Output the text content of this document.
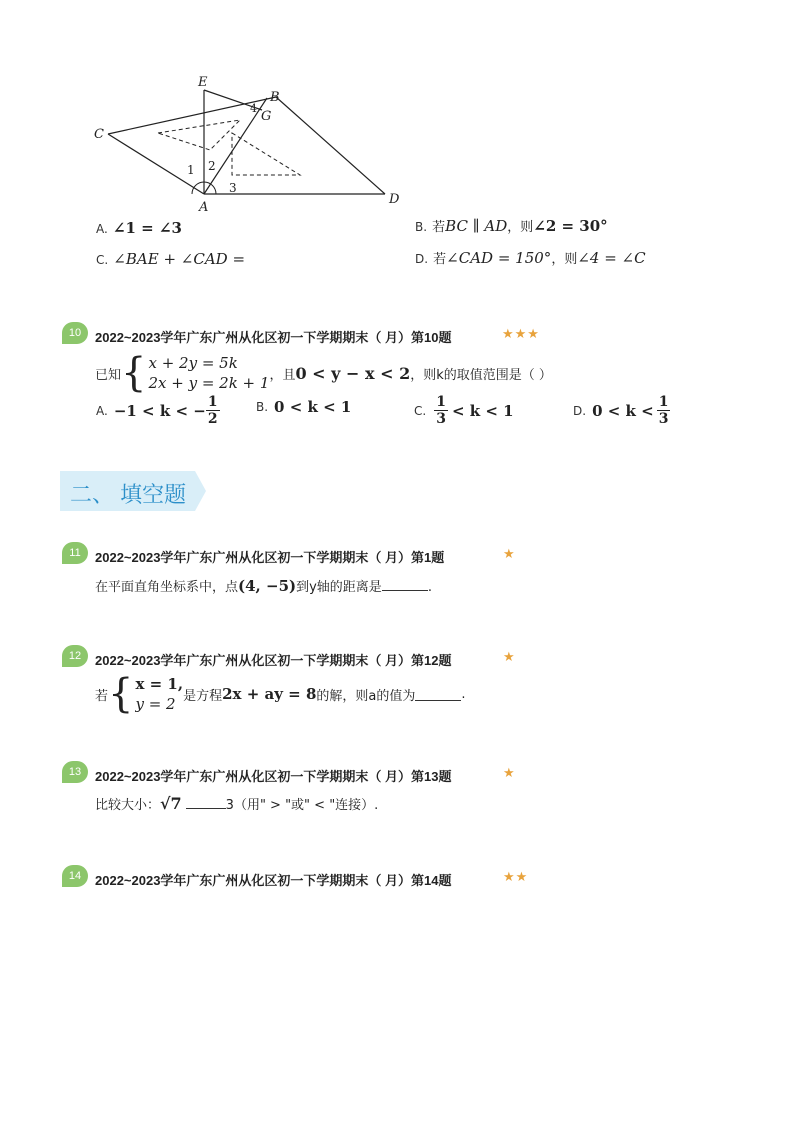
E
B
G
4
C
D
A
1 2
3
A. ∠1 = ∠3	B. 若BC ∥ AD，则∠2 = 30°
C. ∠BAE + ∠CAD =	D. 若∠CAD = 150°，则∠4 = ∠C
10	2022~2023学年广东广州从化区初一下学期期末（ 月）第10题	★★★
已知 { x + 2y = 5k
2x + y = 2k + 1 ，且 0 < y − x < 2 ，则k的取值范围是（ ）
A. −1 < k < − $\frac{1}{2}$	B. 0 < k < 1	C. $\frac{1}{3} < k < 1$	D. $0 < k < \frac{1}{3}$
二、 填空题
11	2022~2023学年广东广州从化区初一下学期期末（ 月）第1题	★
在平面直角坐标系中，点 (4, −5) 到y轴的距离是	.
12	2022~2023学年广东广州从化区初一下学期期末（ 月）第12题	★
若 { x = 1,
y = 2 是方程 2x + ay = 8 的解，则a的值为	.
13	2022~2023学年广东广州从化区初一下学期期末（ 月）第13题	★
比较大小： √7	3（用" > "或" < "连接）.
14	2022~2023学年广东广州从化区初一下学期期末（ 月）第14题	★★
